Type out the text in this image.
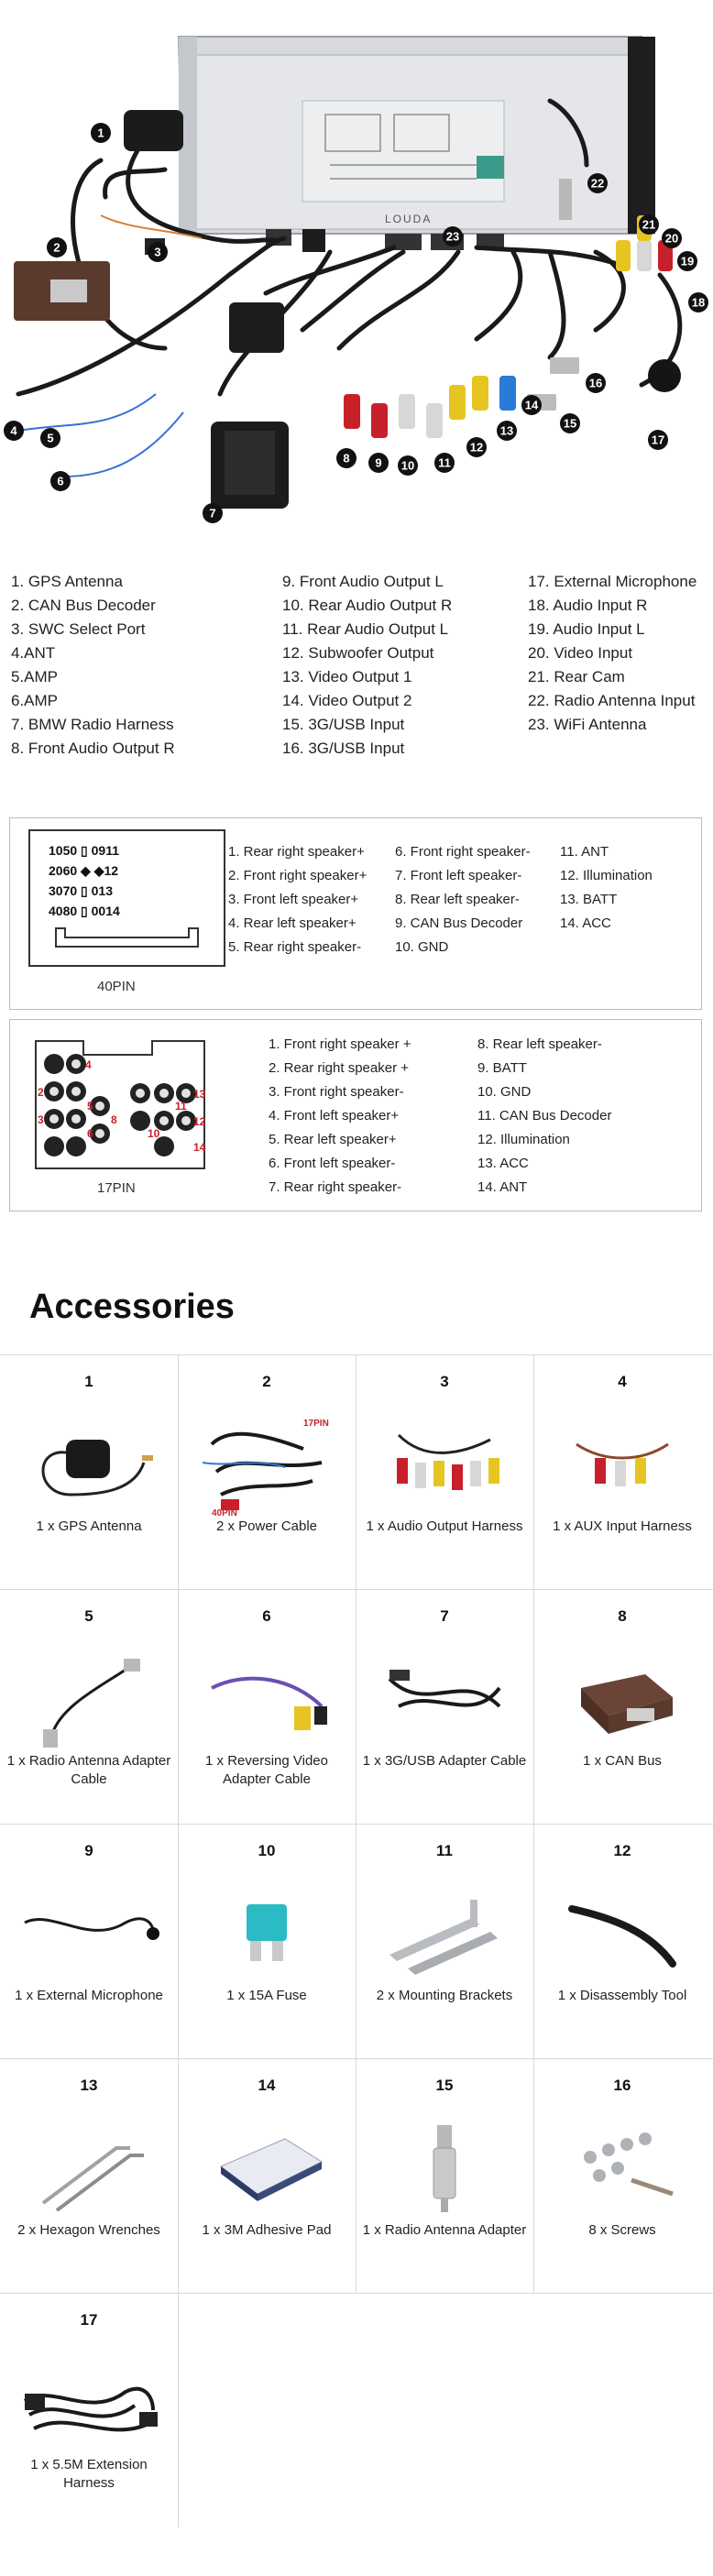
LOUDA
1
2	3
4
5
6
7
8 9 10 11
12
13
14
15
16
17
18
19
20
21
22
23
1. GPS Antenna
2. CAN Bus Decoder
3. SWC Select Port
4.ANT
5.AMP
6.AMP
7. BMW Radio Harness
8. Front Audio Output R
9. Front Audio Output L
10. Rear Audio Output R
11. Rear Audio Output L
12. Subwoofer Output
13. Video Output 1
14. Video Output 2
15. 3G/USB Input
16. 3G/USB Input
17. External Microphone
18. Audio Input R
19. Audio Input L
20. Video Input
21. Rear Cam
22. Radio Antenna Input
23. WiFi Antenna
1050 ▯ 0911
2060 ◆ ◆12
3070 ▯ 013
4080 ▯ 0014
40PIN
1. Rear right speaker+
2. Front right speaker+
3. Front left speaker+
4. Rear left speaker+
5. Rear right speaker-
6. Front right speaker-
7. Front left speaker-
8. Rear left speaker-
9. CAN Bus Decoder
10. GND
11. ANT
12. Illumination
13. BATT
14. ACC
4
2
3
13
12
14
5
6
8
10
11
17PIN
1. Front right speaker +
2. Rear right speaker +
3. Front right speaker-
4. Front left speaker+
5. Rear left speaker+
6. Front left speaker-
7. Rear right speaker-
8. Rear left speaker-
9. BATT
10. GND
11. CAN Bus Decoder
12. Illumination
13. ACC
14. ANT
Accessories
1
1 x GPS Antenna
2
17PIN
40PIN
2 x Power Cable
3
1 x Audio Output Harness
4
1 x AUX Input Harness
5
1 x Radio Antenna Adapter Cable
6
1 x Reversing Video Adapter Cable
7
1 x 3G/USB Adapter Cable
8
1 x CAN Bus
9
1 x External Microphone
10
1 x 15A Fuse
11
2 x Mounting Brackets
12
1 x Disassembly Tool
13
2 x Hexagon Wrenches
14
1 x 3M Adhesive Pad
15
1 x Radio Antenna Adapter
16
8 x Screws
17
1 x 5.5M Extension Harness
